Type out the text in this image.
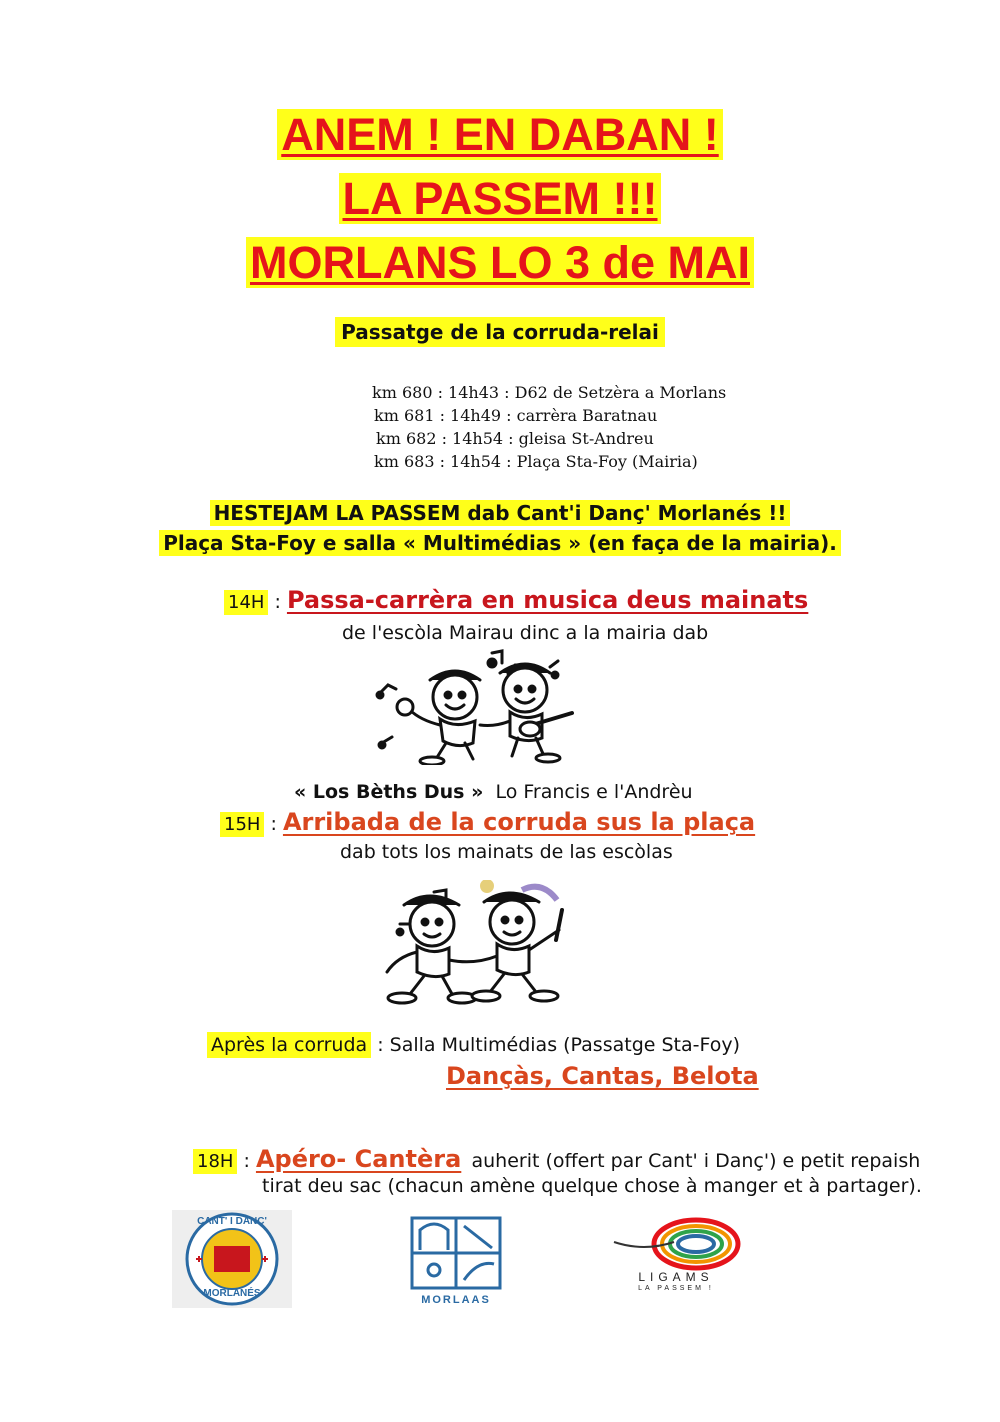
ANEM ! EN DABAN !
LA PASSEM !!!
MORLANS LO 3 de MAI
Passatge de la corruda-relai
km 680 : 14h43 : D62 de Setzèra a Morlans
km 681 : 14h49 : carrèra Baratnau
km 682 : 14h54 : gleisa St-Andreu
km 683 : 14h54 : Plaça Sta-Foy (Mairia)
HESTEJAM LA PASSEM dab Cant'i Danç' Morlanés !!
Plaça Sta-Foy e salla « Multimédias » (en faça de la mairia).
14H : Passa-carrèra en musica deus mainats
de l'escòla Mairau dinc a la mairia dab
« Los Bèths Dus » Lo Francis e l'Andrèu
15H : Arribada de la corruda sus la plaça
dab tots los mainats de las escòlas
Après la corruda : Salla Multimédias (Passatge Sta-Foy)
Dançàs, Cantas, Belota
18H : Apéro- Cantèra auherit (offert par Cant' i Danç') e petit repaish
tirat deu sac (chacun amène quelque chose à manger et à partager).
CANT' I DANÇ'
MORLANÉS
MORLAAS
LIGAMS
LA PASSEM !
